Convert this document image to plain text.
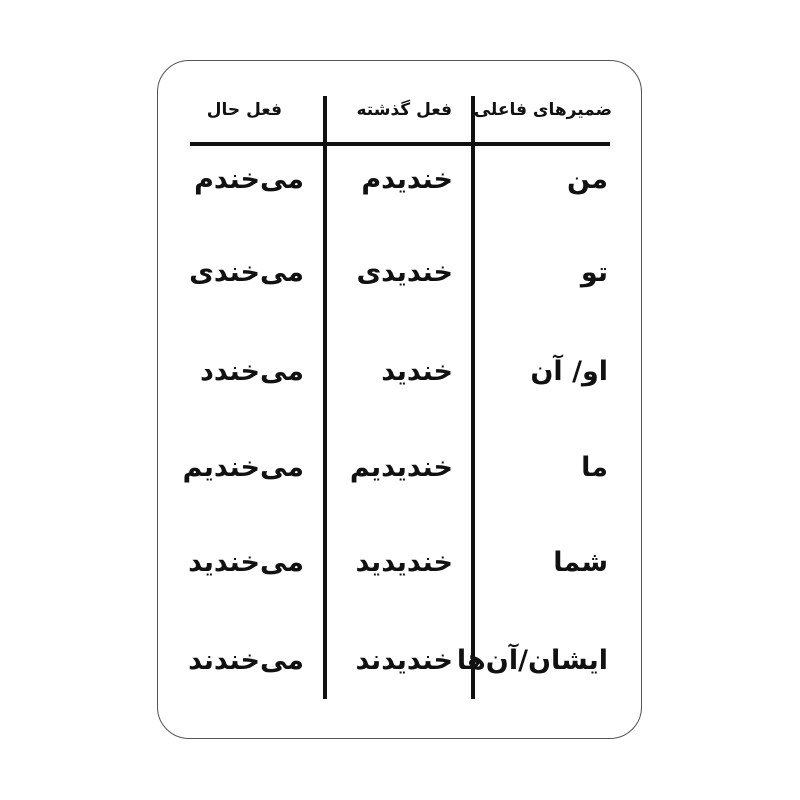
ضمیرهای فاعلی
فعل گذشته
فعل حال
من
خندیدم
می‌خندم
تو
خندیدی
می‌خندی
او/ آن
خندید
می‌خندد
ما
خندیدیم
می‌خندیم
شما
خندیدید
می‌خندید
ایشان/آن‌ها
خندیدند
می‌خندند
